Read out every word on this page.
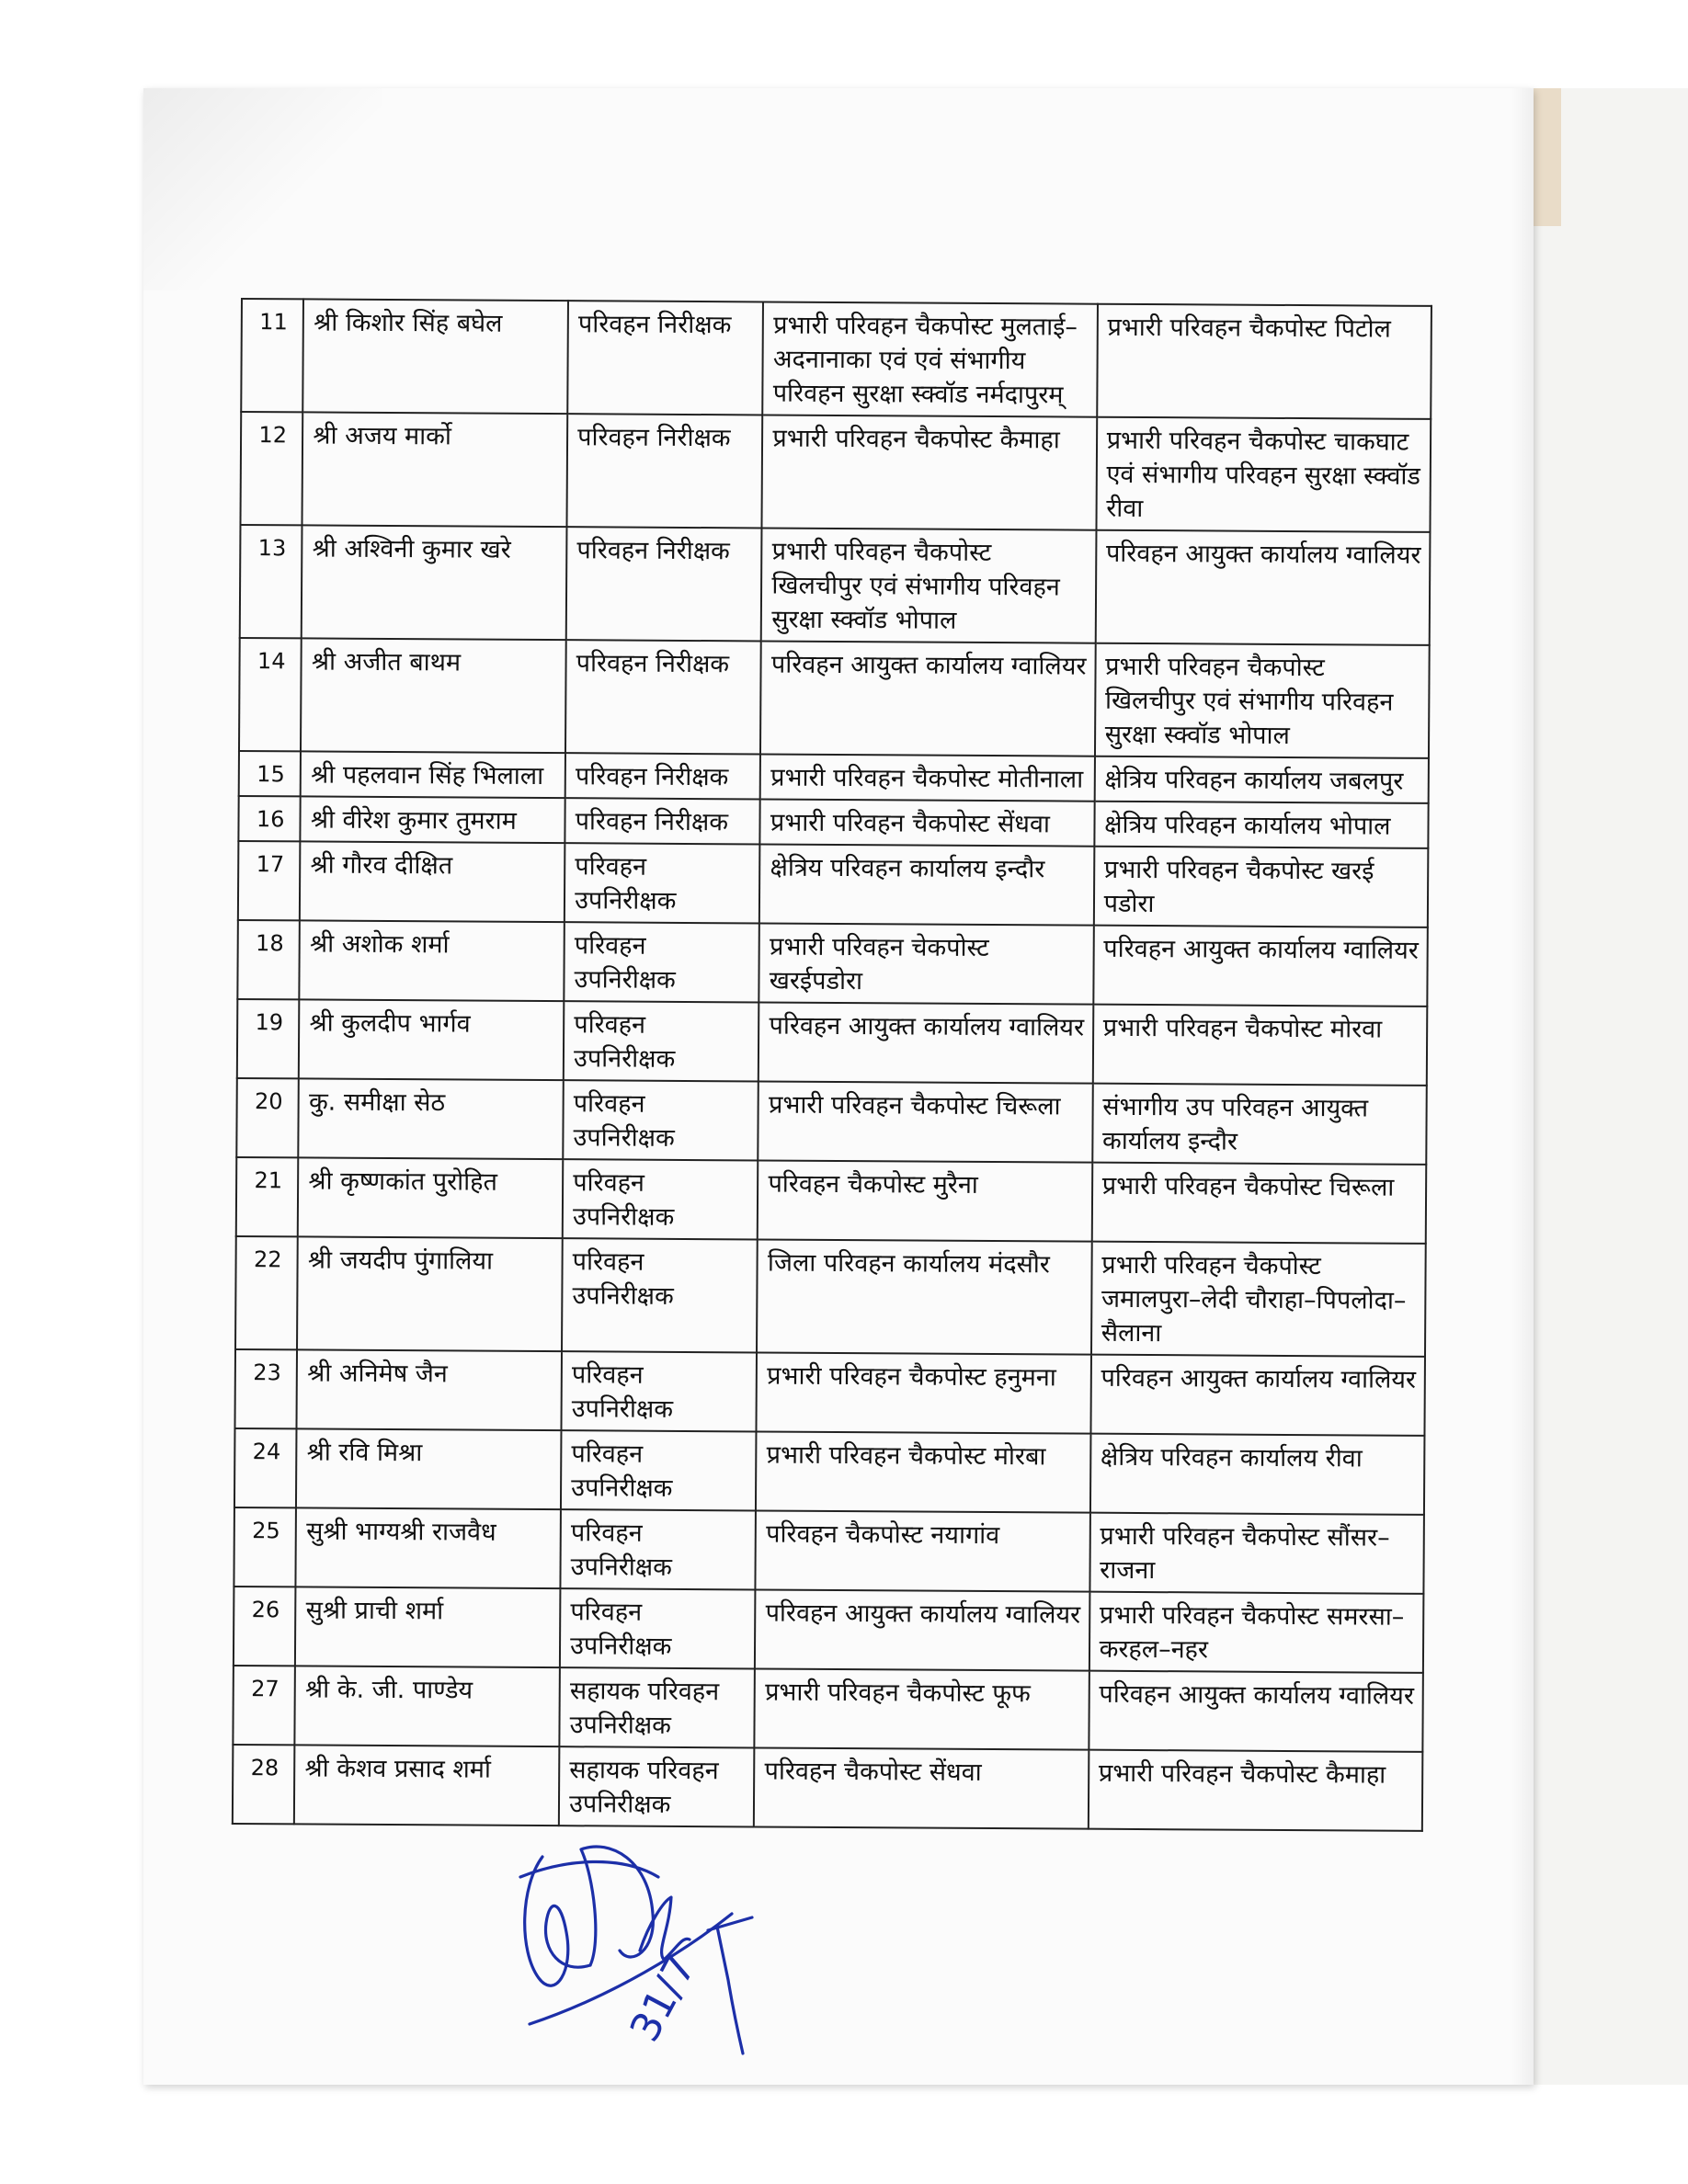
11	श्री किशोर सिंह बघेल	परिवहन निरीक्षक	प्रभारी परिवहन चैकपोस्ट मुलताई–अदनानाका एवं एवं संभागीय परिवहन सुरक्षा स्क्वॉड नर्मदापुरम्	प्रभारी परिवहन चैकपोस्ट पिटोल
12	श्री अजय मार्को	परिवहन निरीक्षक	प्रभारी परिवहन चैकपोस्ट कैमाहा	प्रभारी परिवहन चैकपोस्ट चाकघाट एवं संभागीय परिवहन सुरक्षा स्क्वॉड रीवा
13	श्री अश्विनी कुमार खरे	परिवहन निरीक्षक	प्रभारी परिवहन चैकपोस्ट खिलचीपुर एवं संभागीय परिवहन सुरक्षा स्क्वॉड भोपाल	परिवहन आयुक्त कार्यालय ग्वालियर
14	श्री अजीत बाथम	परिवहन निरीक्षक	परिवहन आयुक्त कार्यालय ग्वालियर	प्रभारी परिवहन चैकपोस्ट खिलचीपुर एवं संभागीय परिवहन सुरक्षा स्क्वॉड भोपाल
15	श्री पहलवान सिंह भिलाला	परिवहन निरीक्षक	प्रभारी परिवहन चैकपोस्ट मोतीनाला	क्षेत्रिय परिवहन कार्यालय जबलपुर
16	श्री वीरेश कुमार तुमराम	परिवहन निरीक्षक	प्रभारी परिवहन चैकपोस्ट सेंधवा	क्षेत्रिय परिवहन कार्यालय भोपाल
17	श्री गौरव दीक्षित	परिवहन उपनिरीक्षक	क्षेत्रिय परिवहन कार्यालय इन्दौर	प्रभारी परिवहन चैकपोस्ट खरई पडोरा
18	श्री अशोक शर्मा	परिवहन उपनिरीक्षक	प्रभारी परिवहन चेकपोस्ट खरईपडोरा	परिवहन आयुक्त कार्यालय ग्वालियर
19	श्री कुलदीप भार्गव	परिवहन उपनिरीक्षक	परिवहन आयुक्त कार्यालय ग्वालियर	प्रभारी परिवहन चैकपोस्ट मोरवा
20	कु. समीक्षा सेठ	परिवहन उपनिरीक्षक	प्रभारी परिवहन चैकपोस्ट चिरूला	संभागीय उप परिवहन आयुक्त कार्यालय इन्दौर
21	श्री कृष्णकांत पुरोहित	परिवहन उपनिरीक्षक	परिवहन चैकपोस्ट मुरैना	प्रभारी परिवहन चैकपोस्ट चिरूला
22	श्री जयदीप पुंगालिया	परिवहन उपनिरीक्षक	जिला परिवहन कार्यालय मंदसौर	प्रभारी परिवहन चैकपोस्ट जमालपुरा–लेदी चौराहा–पिपलोदा– सैलाना
23	श्री अनिमेष जैन	परिवहन उपनिरीक्षक	प्रभारी परिवहन चैकपोस्ट हनुमना	परिवहन आयुक्त कार्यालय ग्वालियर
24	श्री रवि मिश्रा	परिवहन उपनिरीक्षक	प्रभारी परिवहन चैकपोस्ट मोरबा	क्षेत्रिय परिवहन कार्यालय रीवा
25	सुश्री भाग्यश्री राजवैध	परिवहन उपनिरीक्षक	परिवहन चैकपोस्ट नयागांव	प्रभारी परिवहन चैकपोस्ट सौंसर–राजना
26	सुश्री प्राची शर्मा	परिवहन उपनिरीक्षक	परिवहन आयुक्त कार्यालय ग्वालियर	प्रभारी परिवहन चैकपोस्ट समरसा– करहल–नहर
27	श्री के. जी. पाण्डेय	सहायक परिवहन उपनिरीक्षक	प्रभारी परिवहन चैकपोस्ट फूफ	परिवहन आयुक्त कार्यालय ग्वालियर
28	श्री केशव प्रसाद शर्मा	सहायक परिवहन उपनिरीक्षक	परिवहन चैकपोस्ट सेंधवा	प्रभारी परिवहन चैकपोस्ट कैमाहा
31/7
